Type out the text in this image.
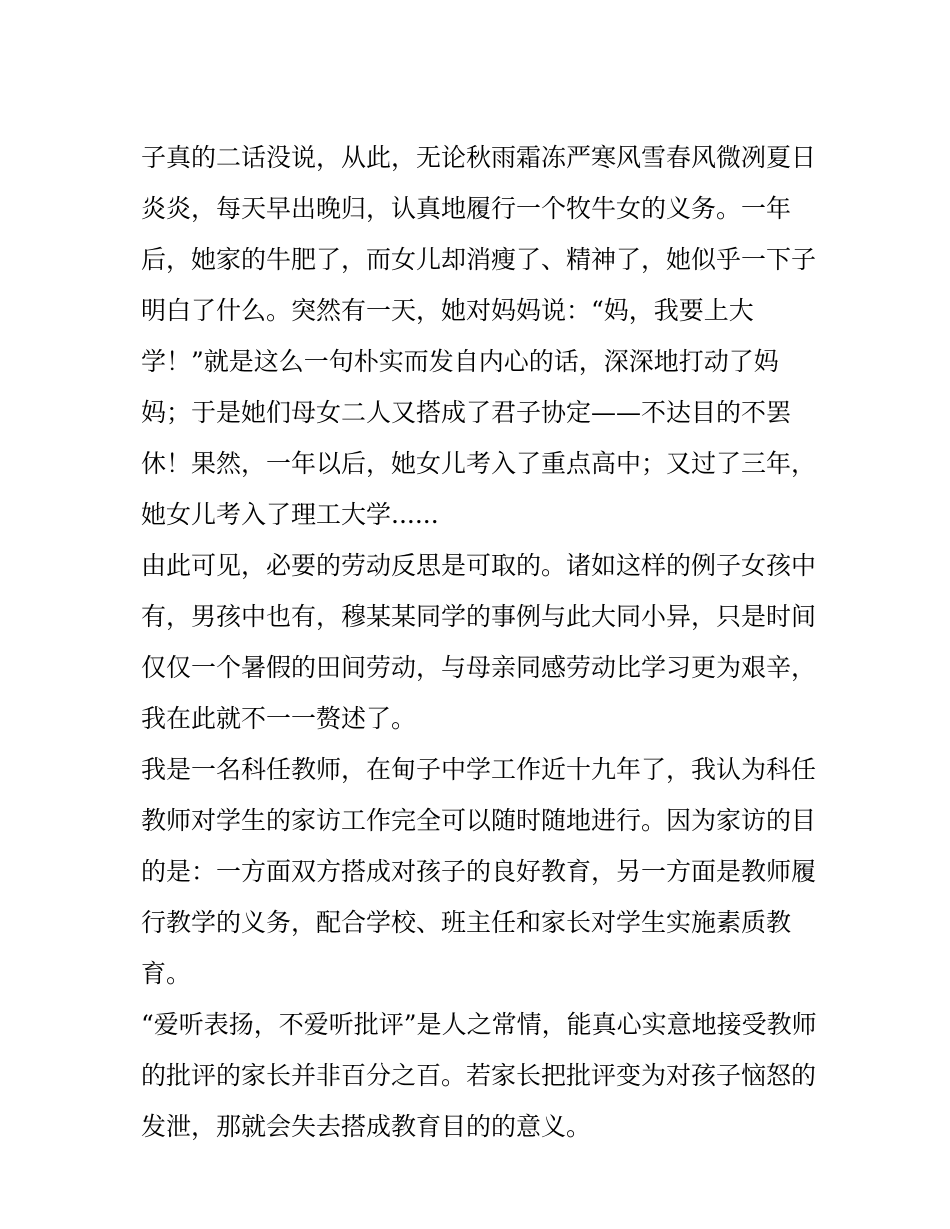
子真的二话没说，从此，无论秋雨霜冻严寒风雪春风微冽夏日
炎炎，每天早出晚归，认真地履行一个牧牛女的义务。一年
后，她家的牛肥了，而女儿却消瘦了、精神了，她似乎一下子
明白了什么。突然有一天，她对妈妈说：“妈，我要上大
学！”就是这么一句朴实而发自内心的话，深深地打动了妈
妈；于是她们母女二人又搭成了君子协定——不达目的不罢
休！果然，一年以后，她女儿考入了重点高中；又过了三年，
她女儿考入了理工大学......
由此可见，必要的劳动反思是可取的。诸如这样的例子女孩中
有，男孩中也有，穆某某同学的事例与此大同小异，只是时间
仅仅一个暑假的田间劳动，与母亲同感劳动比学习更为艰辛，
我在此就不一一赘述了。
我是一名科任教师，在甸子中学工作近十九年了，我认为科任
教师对学生的家访工作完全可以随时随地进行。因为家访的目
的是：一方面双方搭成对孩子的良好教育，另一方面是教师履
行教学的义务，配合学校、班主任和家长对学生实施素质教
育。
“爱听表扬，不爱听批评”是人之常情，能真心实意地接受教师
的批评的家长并非百分之百。若家长把批评变为对孩子恼怒的
发泄，那就会失去搭成教育目的的意义。
